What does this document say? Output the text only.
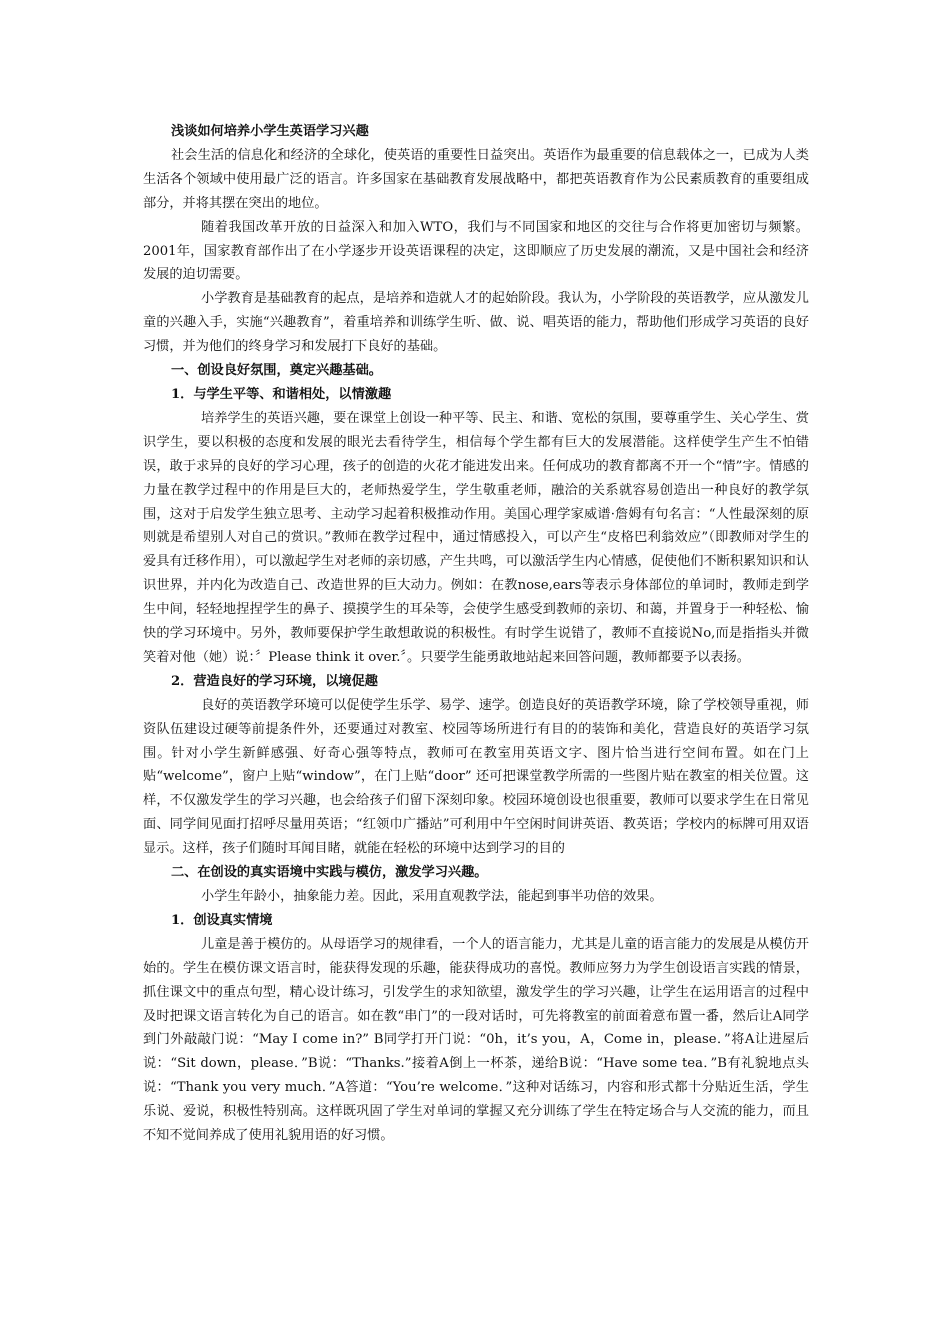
浅谈如何培养小学生英语学习兴趣

社会生活的信息化和经济的全球化，使英语的重要性日益突出。英语作为最重要的信息载体之一，已成为人类生活各个领域中使用最广泛的语言。许多国家在基础教育发展战略中，都把英语教育作为公民素质教育的重要组成部分，并将其摆在突出的地位。

随着我国改革开放的日益深入和加入WTO，我们与不同国家和地区的交往与合作将更加密切与频繁。2001年，国家教育部作出了在小学逐步开设英语课程的决定，这即顺应了历史发展的潮流，又是中国社会和经济发展的迫切需要。

小学教育是基础教育的起点，是培养和造就人才的起始阶段。我认为，小学阶段的英语教学，应从激发儿童的兴趣入手，实施“兴趣教育”，着重培养和训练学生听、做、说、唱英语的能力，帮助他们形成学习英语的良好习惯，并为他们的终身学习和发展打下良好的基础。

一、创设良好氛围，奠定兴趣基础。

1．与学生平等、和谐相处，以情激趣

培养学生的英语兴趣，要在课堂上创设一种平等、民主、和谐、宽松的氛围，要尊重学生、关心学生、赏识学生，要以积极的态度和发展的眼光去看待学生，相信每个学生都有巨大的发展潜能。这样使学生产生不怕错误，敢于求异的良好的学习心理，孩子的创造的火花才能进发出来。任何成功的教育都离不开一个“情”字。情感的力量在教学过程中的作用是巨大的，老师热爱学生，学生敬重老师，融洽的关系就容易创造出一种良好的教学氛围，这对于启发学生独立思考、主动学习起着积极推动作用。美国心理学家威谱·詹姆有句名言：“人性最深刻的原则就是希望别人对自己的赏识。”教师在教学过程中，通过情感投入，可以产生“皮格巴利翁效应”（即教师对学生的爱具有迁移作用），可以激起学生对老师的亲切感，产生共鸣，可以激活学生内心情感，促使他们不断积累知识和认识世界，并内化为改造自己、改造世界的巨大动力。例如：在教nose,ears等表示身体部位的单词时，教师走到学生中间，轻轻地捏捏学生的鼻子、摸摸学生的耳朵等，会使学生感受到教师的亲切、和蔼，并置身于一种轻松、愉快的学习环境中。另外，教师要保护学生敢想敢说的积极性。有时学生说错了，教师不直接说No,而是指指头并微笑着对他（她）说：〞Please think it over.〞。只要学生能勇敢地站起来回答问题，教师都要予以表扬。

2．营造良好的学习环境，以境促趣

良好的英语教学环境可以促使学生乐学、易学、速学。创造良好的英语教学环境，除了学校领导重视，师资队伍建设过硬等前提条件外，还要通过对教室、校园等场所进行有目的的装饰和美化，营造良好的英语学习氛围。针对小学生新鲜感强、好奇心强等特点，教师可在教室用英语文字、图片恰当进行空间布置。如在门上贴“welcome”，窗户上贴“window”，在门上贴“door” 还可把课堂教学所需的一些图片贴在教室的相关位置。这样，不仅激发学生的学习兴趣，也会给孩子们留下深刻印象。校园环境创设也很重要，教师可以要求学生在日常见面、同学间见面打招呼尽量用英语；“红领巾广播站”可利用中午空闲时间讲英语、教英语；学校内的标牌可用双语显示。这样，孩子们随时耳闻目睹，就能在轻松的环境中达到学习的目的

二、在创设的真实语境中实践与模仿，激发学习兴趣。

小学生年龄小，抽象能力差。因此，采用直观教学法，能起到事半功倍的效果。

1．创设真实情境

儿童是善于模仿的。从母语学习的规律看，一个人的语言能力，尤其是儿童的语言能力的发展是从模仿开始的。学生在模仿课文语言时，能获得发现的乐趣，能获得成功的喜悦。教师应努力为学生创设语言实践的情景，抓住课文中的重点句型，精心设计练习，引发学生的求知欲望，激发学生的学习兴趣，让学生在运用语言的过程中及时把课文语言转化为自己的语言。如在教“串门”的一段对话时，可先将教室的前面着意布置一番，然后让A同学到门外敲敲门说：“May I come in?” B同学打开门说：“0h，it’s you，A，Come in，please．”将A让进屋后说：“Sit down，please．”B说：“Thanks.”接着A倒上一杯茶，递给B说：“Have some tea．”B有礼貌地点头说：“Thank you very much．”A答道：“You’re welcome．”这种对话练习，内容和形式都十分贴近生活，学生乐说、爱说，积极性特别高。这样既巩固了学生对单词的掌握又充分训练了学生在特定场合与人交流的能力，而且不知不觉间养成了使用礼貌用语的好习惯。
